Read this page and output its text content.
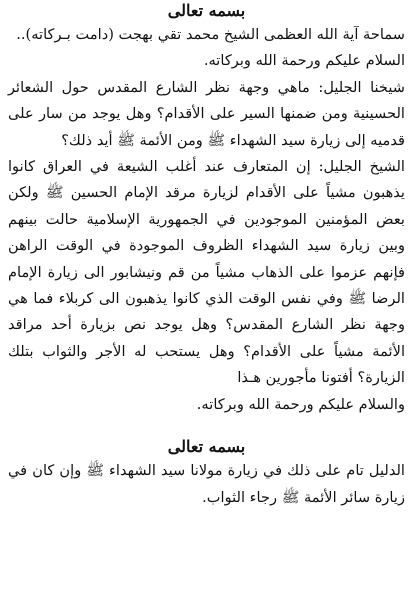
بسمه تعالى

سماحة آية الله العظمى الشيخ محمد تقي بهجت (دامت بـركاته)..

السلام عليكم ورحمة الله وبركاته.

شيخنا الجليل: ماهي وجهة نظر الشارع المقدس حول الشعائر الحسينية ومن ضمنها السير على الأقدام؟ وهل يوجد من سار على قدميه إلى زيارة سيد الشهداء ﷺ ومن الأئمة ﷺ أيد ذلك؟

الشيخ الجليل: إن المتعارف عند أغلب الشيعة في العراق كانوا يذهبون مشياً على الأقدام لزيارة مرقد الإمام الحسين ﷺ ولكن بعض المؤمنين الموجودين في الجمهورية الإسلامية حالت بينهم وبين زيارة سيد الشهداء الظروف الموجودة في الوقت الراهن فإنهم عزموا على الذهاب مشياً من قم ونيشابور الى زيارة الإمام الرضا ﷺ وفي نفس الوقت الذي كانوا يذهبون الى كربلاء فما هي وجهة نظر الشارع المقدس؟ وهل يوجد نص بزيارة أحد مراقد الأئمة مشياً على الأقدام؟ وهل يستحب له الأجر والثواب بتلك الزيارة؟ أفتونا مأجورين هـذا

والسلام عليكم ورحمة الله وبركاته.

بسمه تعالى

الدليل تام على ذلك في زيارة مولانا سيد الشهداء ﷺ وإن كان في زيارة سائر الأئمة ﷺ رجاء الثواب.
